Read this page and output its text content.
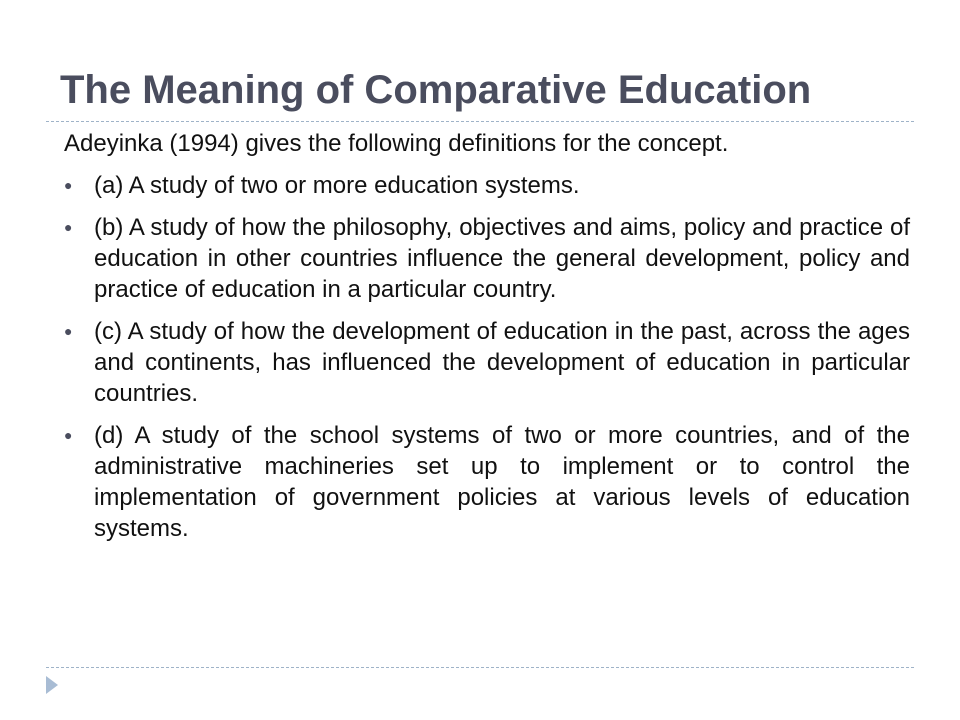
The Meaning of Comparative Education

Adeyinka (1994) gives the following definitions for the concept.

● (a) A study of two or more education systems.
● (b) A study of how the philosophy, objectives and aims, policy and practice of education in other countries influence the general development, policy and practice of education in a particular country.
● (c) A study of how the development of education in the past, across the ages and continents, has influenced the development of education in particular countries.
● (d) A study of the school systems of two or more countries, and of the administrative machineries set up to implement or to control the implementation of government policies at various levels of education systems.
